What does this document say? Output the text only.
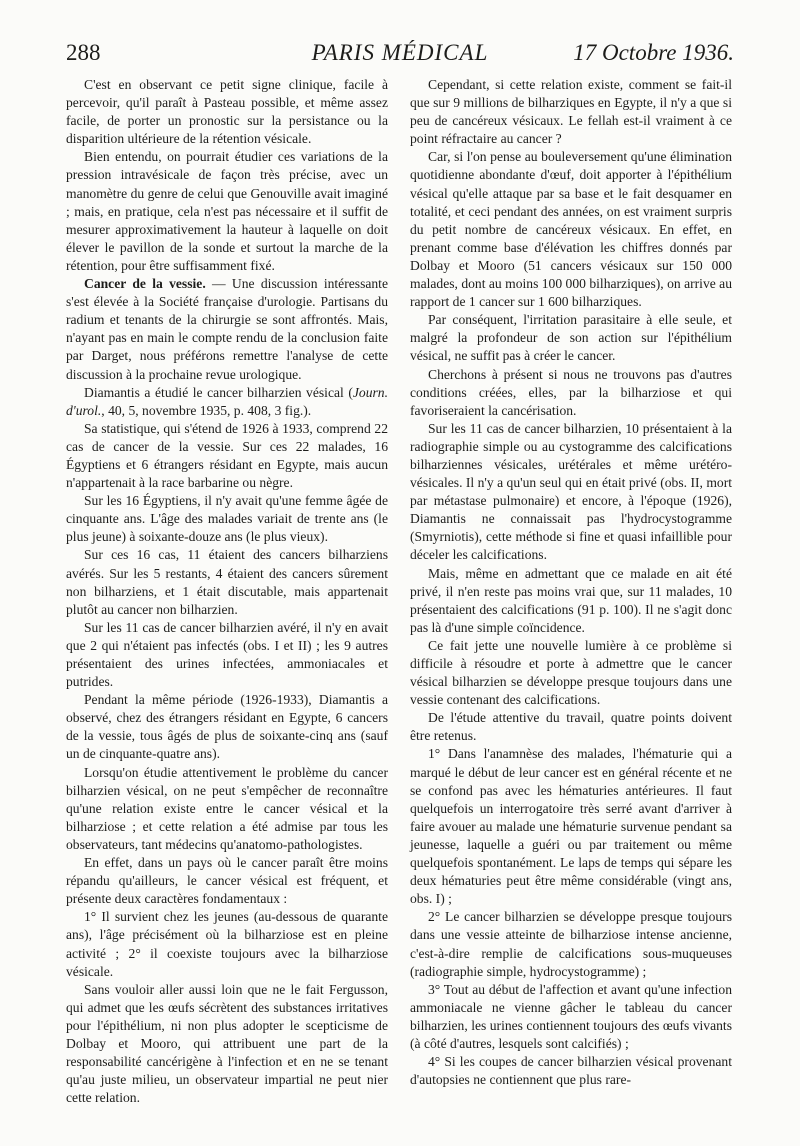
288	PARIS MÉDICAL	17 Octobre 1936.

C'est en observant ce petit signe clinique, facile à percevoir, qu'il paraît à Pasteau possible, et même assez facile, de porter un pronostic sur la persistance ou la disparition ultérieure de la rétention vésicale.

Bien entendu, on pourrait étudier ces variations de la pression intravésicale de façon très précise, avec un manomètre du genre de celui que Genouville avait imaginé ; mais, en pratique, cela n'est pas nécessaire et il suffit de mesurer approximativement la hauteur à laquelle on doit élever le pavillon de la sonde et surtout la marche de la rétention, pour être suffisamment fixé.

Cancer de la vessie. — Une discussion intéressante s'est élevée à la Société française d'urologie. Partisans du radium et tenants de la chirurgie se sont affrontés. Mais, n'ayant pas en main le compte rendu de la conclusion faite par Darget, nous préférons remettre l'analyse de cette discussion à la prochaine revue urologique.

Diamantis a étudié le cancer bilharzien vésical (Journ. d'urol., 40, 5, novembre 1935, p. 408, 3 fig.).

Sa statistique, qui s'étend de 1926 à 1933, comprend 22 cas de cancer de la vessie. Sur ces 22 malades, 16 Égyptiens et 6 étrangers résidant en Egypte, mais aucun n'appartenait à la race barbarine ou nègre.

Sur les 16 Égyptiens, il n'y avait qu'une femme âgée de cinquante ans. L'âge des malades variait de trente ans (le plus jeune) à soixante-douze ans (le plus vieux).

Sur ces 16 cas, 11 étaient des cancers bilharziens avérés. Sur les 5 restants, 4 étaient des cancers sûrement non bilharziens, et 1 était discutable, mais appartenait plutôt au cancer non bilharzien.

Sur les 11 cas de cancer bilharzien avéré, il n'y en avait que 2 qui n'étaient pas infectés (obs. I et II) ; les 9 autres présentaient des urines infectées, ammoniacales et putrides.

Pendant la même période (1926-1933), Diamantis a observé, chez des étrangers résidant en Egypte, 6 cancers de la vessie, tous âgés de plus de soixante-cinq ans (sauf un de cinquante-quatre ans).

Lorsqu'on étudie attentivement le problème du cancer bilharzien vésical, on ne peut s'empêcher de reconnaître qu'une relation existe entre le cancer vésical et la bilharziose ; et cette relation a été admise par tous les observateurs, tant médecins qu'anatomo-pathologistes.

En effet, dans un pays où le cancer paraît être moins répandu qu'ailleurs, le cancer vésical est fréquent, et présente deux caractères fondamentaux :

1° Il survient chez les jeunes (au-dessous de quarante ans), l'âge précisément où la bilharziose est en pleine activité ; 2° il coexiste toujours avec la bilharziose vésicale.

Sans vouloir aller aussi loin que ne le fait Fergusson, qui admet que les œufs sécrètent des substances irritatives pour l'épithélium, ni non plus adopter le scepticisme de Dolbay et Mooro, qui attribuent une part de la responsabilité cancérigène à l'infection et en ne se tenant qu'au juste milieu, un observateur impartial ne peut nier cette relation.

Cependant, si cette relation existe, comment se fait-il que sur 9 millions de bilharziques en Egypte, il n'y a que si peu de cancéreux vésicaux. Le fellah est-il vraiment à ce point réfractaire au cancer ?

Car, si l'on pense au bouleversement qu'une élimination quotidienne abondante d'œuf, doit apporter à l'épithélium vésical qu'elle attaque par sa base et le fait desquamer en totalité, et ceci pendant des années, on est vraiment surpris du petit nombre de cancéreux vésicaux. En effet, en prenant comme base d'élévation les chiffres donnés par Dolbay et Mooro (51 cancers vésicaux sur 150 000 malades, dont au moins 100 000 bilharziques), on arrive au rapport de 1 cancer sur 1 600 bilharziques.

Par conséquent, l'irritation parasitaire à elle seule, et malgré la profondeur de son action sur l'épithélium vésical, ne suffit pas à créer le cancer.

Cherchons à présent si nous ne trouvons pas d'autres conditions créées, elles, par la bilharziose et qui favoriseraient la cancérisation.

Sur les 11 cas de cancer bilharzien, 10 présentaient à la radiographie simple ou au cystogramme des calcifications bilharziennes vésicales, urétérales et même urétéro-vésicales. Il n'y a qu'un seul qui en était privé (obs. II, mort par métastase pulmonaire) et encore, à l'époque (1926), Diamantis ne connaissait pas l'hydrocystogramme (Smyrniotis), cette méthode si fine et quasi infaillible pour déceler les calcifications.

Mais, même en admettant que ce malade en ait été privé, il n'en reste pas moins vrai que, sur 11 malades, 10 présentaient des calcifications (91 p. 100). Il ne s'agit donc pas là d'une simple coïncidence.

Ce fait jette une nouvelle lumière à ce problème si difficile à résoudre et porte à admettre que le cancer vésical bilharzien se développe presque toujours dans une vessie contenant des calcifications.

De l'étude attentive du travail, quatre points doivent être retenus.

1° Dans l'anamnèse des malades, l'hématurie qui a marqué le début de leur cancer est en général récente et ne se confond pas avec les hématuries antérieures. Il faut quelquefois un interrogatoire très serré avant d'arriver à faire avouer au malade une hématurie survenue pendant sa jeunesse, laquelle a guéri ou par traitement ou même quelquefois spontanément. Le laps de temps qui sépare les deux hématuries peut être même considérable (vingt ans, obs. I) ;

2° Le cancer bilharzien se développe presque toujours dans une vessie atteinte de bilharziose intense ancienne, c'est-à-dire remplie de calcifications sous-muqueuses (radiographie simple, hydrocystogramme) ;

3° Tout au début de l'affection et avant qu'une infection ammoniacale ne vienne gâcher le tableau du cancer bilharzien, les urines contiennent toujours des œufs vivants (à côté d'autres, lesquels sont calcifiés) ;

4° Si les coupes de cancer bilharzien vésical provenant d'autopsies ne contiennent que plus rare-
